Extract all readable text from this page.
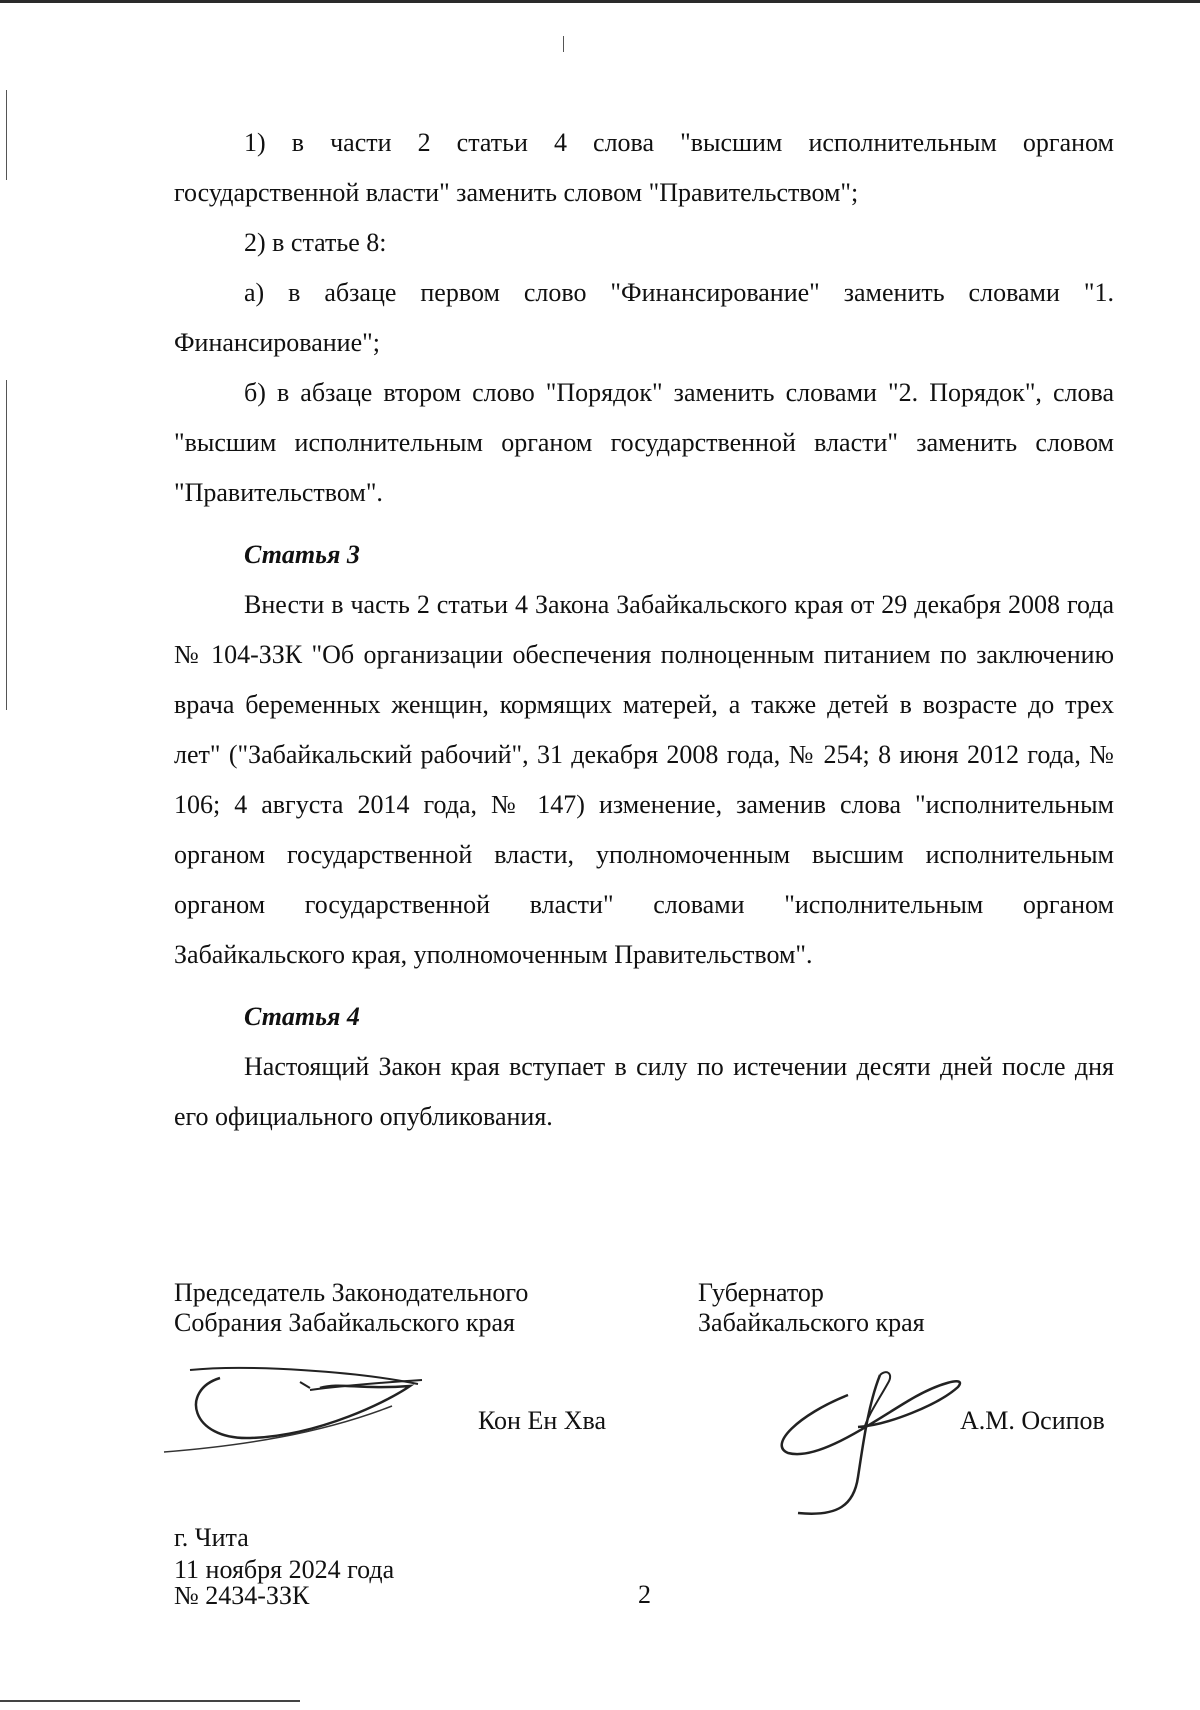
1) в части 2 статьи 4 слова "высшим исполнительным органом государственной власти" заменить словом "Правительством";

2) в статье 8:

а) в абзаце первом слово "Финансирование" заменить словами "1. Финансирование";

б) в абзаце втором слово "Порядок" заменить словами "2. Порядок", слова "высшим исполнительным органом государственной власти" заменить словом "Правительством".

Статья 3

Внести в часть 2 статьи 4 Закона Забайкальского края от 29 декабря 2008 года № 104-ЗЗК "Об организации обеспечения полноценным питанием по заключению врача беременных женщин, кормящих матерей, а также детей в возрасте до трех лет" ("Забайкальский рабочий", 31 декабря 2008 года, № 254; 8 июня 2012 года, № 106; 4 августа 2014 года, № 147) изменение, заменив слова "исполнительным органом государственной власти, уполномоченным высшим исполнительным органом государственной власти" словами "исполнительным органом Забайкальского края, уполномоченным Правительством".

Статья 4

Настоящий Закон края вступает в силу по истечении десяти дней после дня его официального опубликования.

Председатель Законодательного
Собрания Забайкальского края
Кон Ен Хва
Губернатор
Забайкальского края
А.М. Осипов
г. Чита
11 ноября 2024 года
№ 2434-ЗЗК	2
